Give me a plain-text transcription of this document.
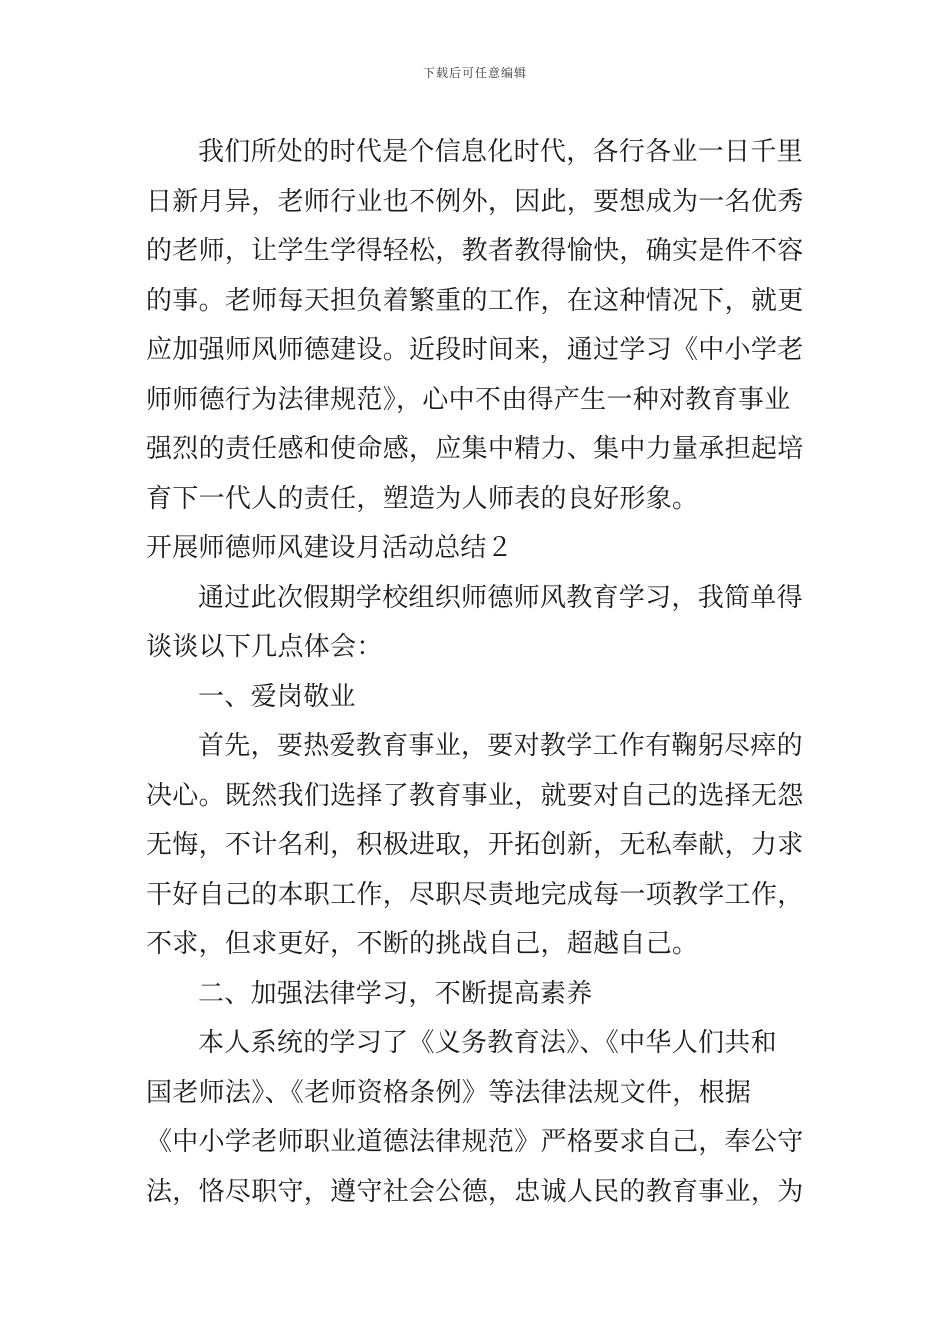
下载后可任意编辑
我们所处的时代是个信息化时代，各行各业一日千里
日新月异，老师行业也不例外，因此，要想成为一名优秀
的老师，让学生学得轻松，教者教得愉快，确实是件不容
的事。老师每天担负着繁重的工作，在这种情况下，就更
应加强师风师德建设。近段时间来，通过学习《中小学老
师师德行为法律规范》，心中不由得产生一种对教育事业
强烈的责任感和使命感，应集中精力、集中力量承担起培
育下一代人的责任，塑造为人师表的良好形象。
开展师德师风建设月活动总结２
通过此次假期学校组织师德师风教育学习，我简单得
谈谈以下几点体会：
一、爱岗敬业
首先，要热爱教育事业，要对教学工作有鞠躬尽瘁的
决心。既然我们选择了教育事业，就要对自己的选择无怨
无悔，不计名利，积极进取，开拓创新，无私奉献，力求
干好自己的本职工作，尽职尽责地完成每一项教学工作，
不求，但求更好，不断的挑战自己，超越自己。
二、加强法律学习，不断提高素养
本人系统的学习了《义务教育法》、《中华人们共和
国老师法》、《老师资格条例》等法律法规文件，根据
《中小学老师职业道德法律规范》严格要求自己，奉公守
法，恪尽职守，遵守社会公德，忠诚人民的教育事业，为
